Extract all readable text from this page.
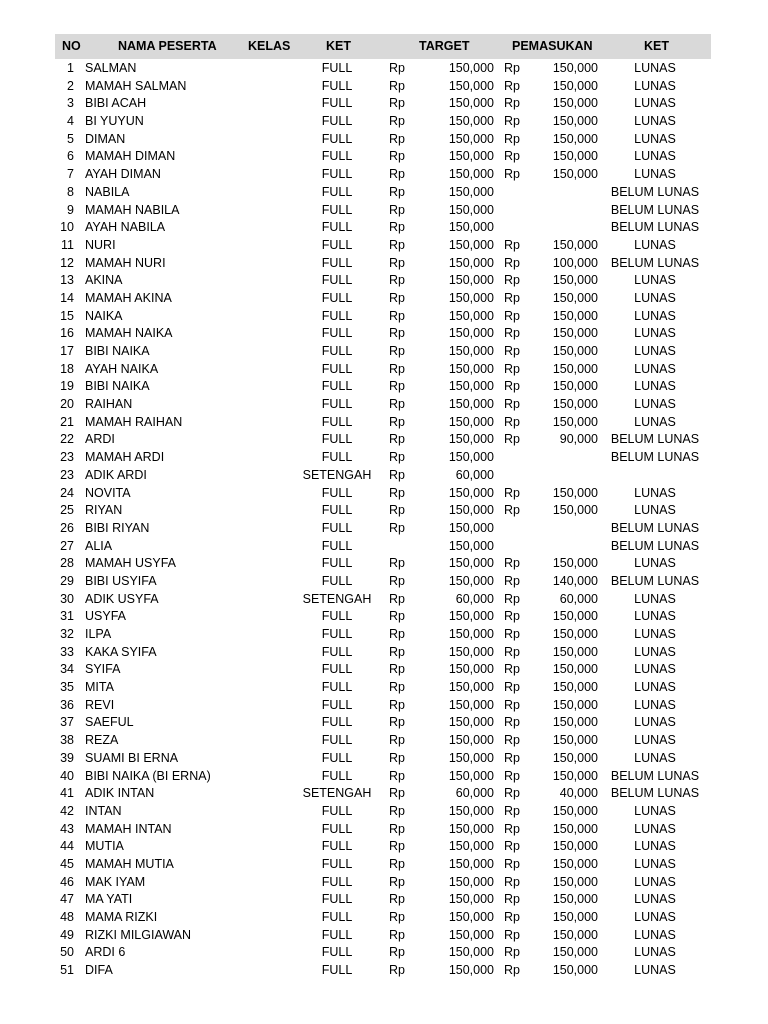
NO	NAMA PESERTA	KELAS	KET	TARGET	PEMASUKAN	KET
1 SALMAN	FULL	Rp	150,000 Rp	150,000	LUNAS
2 MAMAH SALMAN	FULL	Rp	150,000 Rp	150,000	LUNAS
3 BIBI ACAH	FULL	Rp	150,000 Rp	150,000	LUNAS
4 BI YUYUN	FULL	Rp	150,000 Rp	150,000	LUNAS
5 DIMAN	FULL	Rp	150,000 Rp	150,000	LUNAS
6 MAMAH DIMAN	FULL	Rp	150,000 Rp	150,000	LUNAS
7 AYAH DIMAN	FULL	Rp	150,000 Rp	150,000	LUNAS
8 NABILA	FULL	Rp	150,000	BELUM LUNAS
9 MAMAH NABILA	FULL	Rp	150,000	BELUM LUNAS
10 AYAH NABILA	FULL	Rp	150,000	BELUM LUNAS
11 NURI	FULL	Rp	150,000 Rp	150,000	LUNAS
12 MAMAH NURI	FULL	Rp	150,000 Rp	100,000 BELUM LUNAS
13 AKINA	FULL	Rp	150,000 Rp	150,000	LUNAS
14 MAMAH AKINA	FULL	Rp	150,000 Rp	150,000	LUNAS
15 NAIKA	FULL	Rp	150,000 Rp	150,000	LUNAS
16 MAMAH NAIKA	FULL	Rp	150,000 Rp	150,000	LUNAS
17 BIBI NAIKA	FULL	Rp	150,000 Rp	150,000	LUNAS
18 AYAH NAIKA	FULL	Rp	150,000 Rp	150,000	LUNAS
19 BIBI NAIKA	FULL	Rp	150,000 Rp	150,000	LUNAS
20 RAIHAN	FULL	Rp	150,000 Rp	150,000	LUNAS
21 MAMAH RAIHAN	FULL	Rp	150,000 Rp	150,000	LUNAS
22 ARDI	FULL	Rp	150,000 Rp	90,000 BELUM LUNAS
23 MAMAH ARDI	FULL	Rp	150,000	BELUM LUNAS
23 ADIK ARDI	SETENGAH	Rp	60,000
24 NOVITA	FULL	Rp	150,000 Rp	150,000	LUNAS
25 RIYAN	FULL	Rp	150,000 Rp	150,000	LUNAS
26 BIBI RIYAN	FULL	Rp	150,000	BELUM LUNAS
27 ALIA	FULL	150,000	BELUM LUNAS
28 MAMAH USYFA	FULL	Rp	150,000 Rp	150,000	LUNAS
29 BIBI USYIFA	FULL	Rp	150,000 Rp	140,000 BELUM LUNAS
30 ADIK USYFA	SETENGAH	Rp	60,000 Rp	60,000	LUNAS
31 USYFA	FULL	Rp	150,000 Rp	150,000	LUNAS
32 ILPA	FULL	Rp	150,000 Rp	150,000	LUNAS
33 KAKA SYIFA	FULL	Rp	150,000 Rp	150,000	LUNAS
34 SYIFA	FULL	Rp	150,000 Rp	150,000	LUNAS
35 MITA	FULL	Rp	150,000 Rp	150,000	LUNAS
36 REVI	FULL	Rp	150,000 Rp	150,000	LUNAS
37 SAEFUL	FULL	Rp	150,000 Rp	150,000	LUNAS
38 REZA	FULL	Rp	150,000 Rp	150,000	LUNAS
39 SUAMI BI ERNA	FULL	Rp	150,000 Rp	150,000	LUNAS
40 BIBI NAIKA (BI ERNA)	FULL	Rp	150,000 Rp	150,000 BELUM LUNAS
41 ADIK INTAN	SETENGAH	Rp	60,000 Rp	40,000 BELUM LUNAS
42 INTAN	FULL	Rp	150,000 Rp	150,000	LUNAS
43 MAMAH INTAN	FULL	Rp	150,000 Rp	150,000	LUNAS
44 MUTIA	FULL	Rp	150,000 Rp	150,000	LUNAS
45 MAMAH MUTIA	FULL	Rp	150,000 Rp	150,000	LUNAS
46 MAK IYAM	FULL	Rp	150,000 Rp	150,000	LUNAS
47 MA YATI	FULL	Rp	150,000 Rp	150,000	LUNAS
48 MAMA RIZKI	FULL	Rp	150,000 Rp	150,000	LUNAS
49 RIZKI MILGIAWAN	FULL	Rp	150,000 Rp	150,000	LUNAS
50 ARDI 6	FULL	Rp	150,000 Rp	150,000	LUNAS
51 DIFA	FULL	Rp	150,000 Rp	150,000	LUNAS
